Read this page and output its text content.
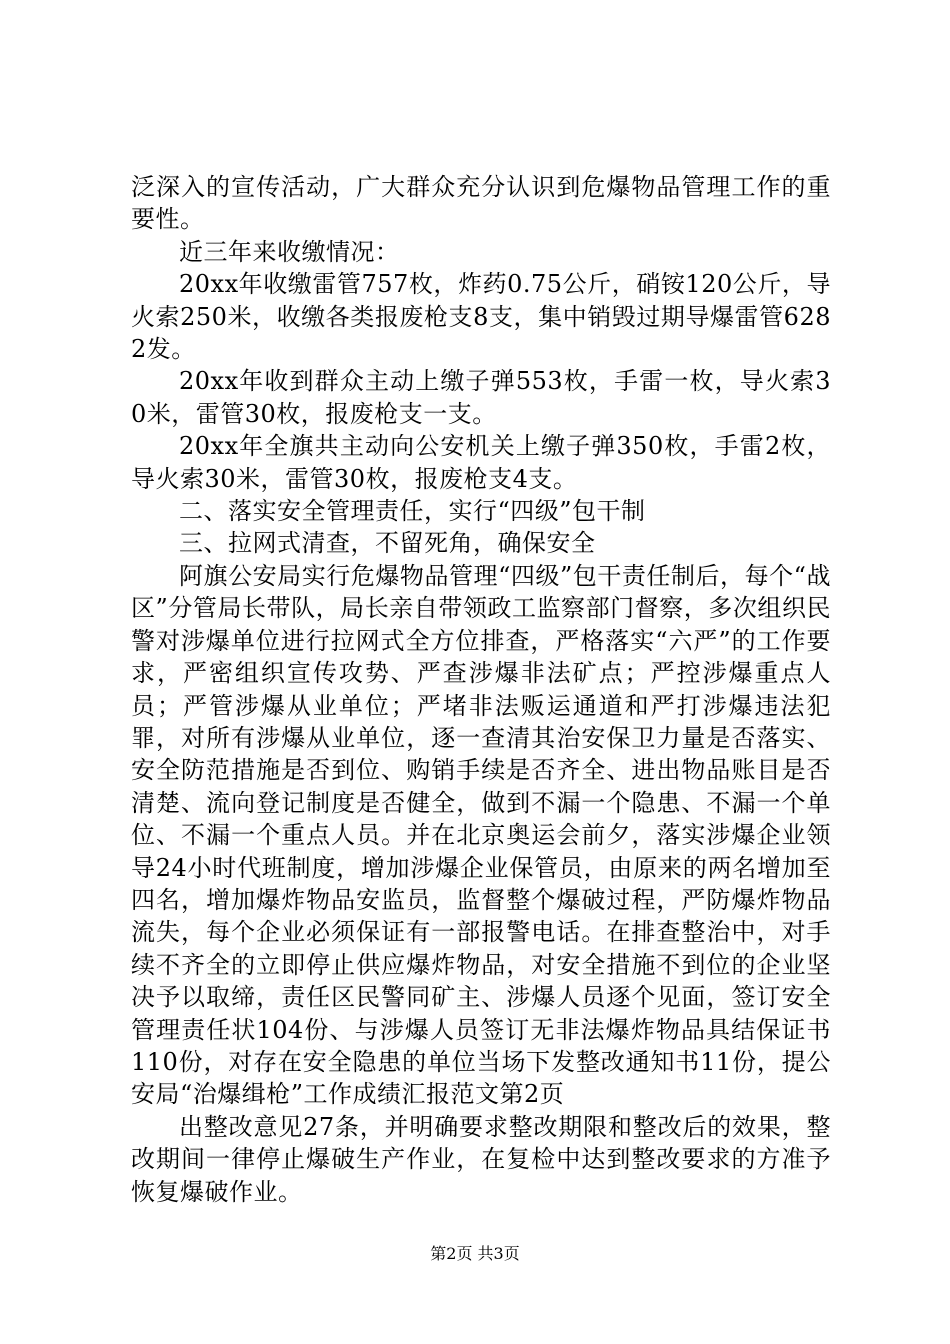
泛深入的宣传活动，广大群众充分认识到危爆物品管理工作的重要性。

近三年来收缴情况：

20xx年收缴雷管757枚，炸药0.75公斤，硝铵120公斤，导火索250米，收缴各类报废枪支8支，集中销毁过期导爆雷管6282发。

20xx年收到群众主动上缴子弹553枚，手雷一枚，导火索30米，雷管30枚，报废枪支一支。

20xx年全旗共主动向公安机关上缴子弹350枚，手雷2枚，导火索30米，雷管30枚，报废枪支4支。

二、落实安全管理责任，实行“四级”包干制

三、拉网式清查，不留死角，确保安全

阿旗公安局实行危爆物品管理“四级”包干责任制后，每个“战区”分管局长带队，局长亲自带领政工监察部门督察，多次组织民警对涉爆单位进行拉网式全方位排查，严格落实“六严”的工作要求，严密组织宣传攻势、严查涉爆非法矿点；严控涉爆重点人员；严管涉爆从业单位；严堵非法贩运通道和严打涉爆违法犯罪，对所有涉爆从业单位，逐一查清其治安保卫力量是否落实、安全防范措施是否到位、购销手续是否齐全、进出物品账目是否清楚、流向登记制度是否健全，做到不漏一个隐患、不漏一个单位、不漏一个重点人员。并在北京奥运会前夕，落实涉爆企业领导24小时代班制度，增加涉爆企业保管员，由原来的两名增加至四名，增加爆炸物品安监员，监督整个爆破过程，严防爆炸物品流失，每个企业必须保证有一部报警电话。在排查整治中，对手续不齐全的立即停止供应爆炸物品，对安全措施不到位的企业坚决予以取缔，责任区民警同矿主、涉爆人员逐个见面，签订安全管理责任状104份、与涉爆人员签订无非法爆炸物品具结保证书110份，对存在安全隐患的单位当场下发整改通知书11份，提公安局“治爆缉枪”工作成绩汇报范文第2页

出整改意见27条，并明确要求整改期限和整改后的效果，整改期间一律停止爆破生产作业，在复检中达到整改要求的方准予恢复爆破作业。

第2页 共3页
